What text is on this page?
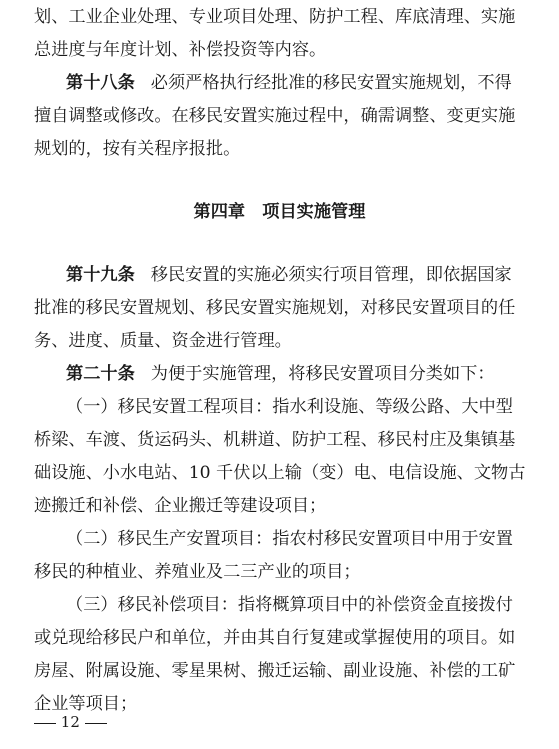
划、工业企业处理、专业项目处理、防护工程、库底清理、实施
总进度与年度计划、补偿投资等内容。
第十八条 必须严格执行经批准的移民安置实施规划，不得
擅自调整或修改。在移民安置实施过程中，确需调整、变更实施
规划的，按有关程序报批。
第四章　项目实施管理
第十九条 移民安置的实施必须实行项目管理，即依据国家
批准的移民安置规划、移民安置实施规划，对移民安置项目的任
务、进度、质量、资金进行管理。
第二十条 为便于实施管理，将移民安置项目分类如下：
（一）移民安置工程项目：指水利设施、等级公路、大中型
桥梁、车渡、货运码头、机耕道、防护工程、移民村庄及集镇基
础设施、小水电站、10 千伏以上输（变）电、电信设施、文物古
迹搬迁和补偿、企业搬迁等建设项目；
（二）移民生产安置项目：指农村移民安置项目中用于安置
移民的种植业、养殖业及二三产业的项目；
（三）移民补偿项目：指将概算项目中的补偿资金直接拨付
或兑现给移民户和单位，并由其自行复建或掌握使用的项目。如
房屋、附属设施、零星果树、搬迁运输、副业设施、补偿的工矿
企业等项目；
12
